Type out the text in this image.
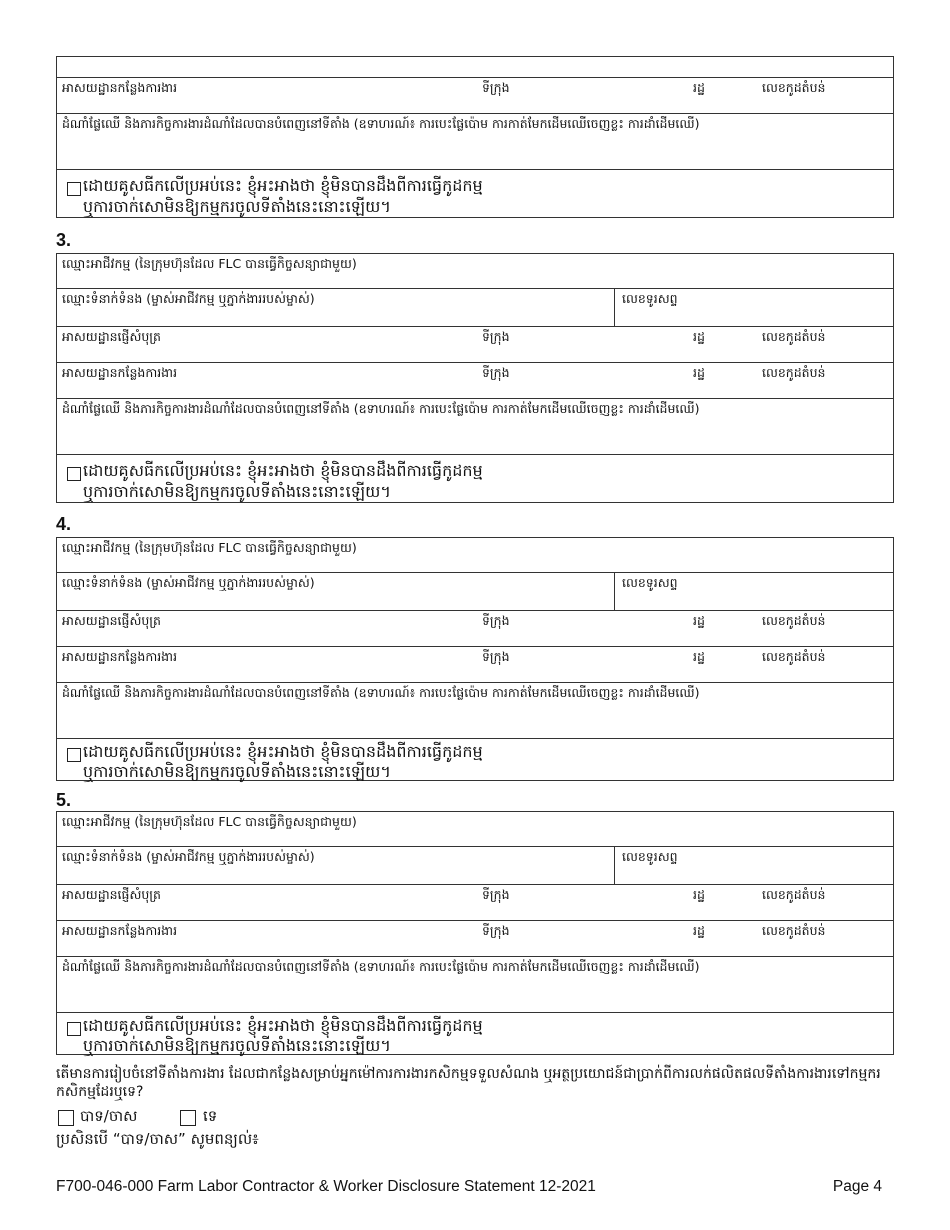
អាសយដ្ឋានកន្លែងការងារ	ទីក្រុង	រដ្ឋ	លេខកូដតំបន់
ដំណាំផ្លែឈើ និងភារកិច្ចការងារដំណាំដែលបានបំពេញនៅទីតាំង (ឧទាហរណ៍៖ ការបេះផ្លែប៉ោម ការកាត់មែកដើមឈើចេញខ្លះ ការដាំដើមឈើ)
ដោយគូសធីកលើប្រអប់នេះ ខ្ញុំអះអាងថា ខ្ញុំមិនបានដឹងពីការធ្វើកូដកម្ម
ឬការចាក់សោមិនឱ្យកម្មករចូលទីតាំងនេះនោះឡើយ។
3.
ឈ្មោះអាជីវកម្ម (នៃក្រុមហ៊ុនដែល FLC បានធ្វើកិច្ចសន្យាជាមួយ)
ឈ្មោះទំនាក់ទំនង (ម្ចាស់អាជីវកម្ម ឬភ្នាក់ងាររបស់ម្ចាស់)	លេខទូរសព្ទ
អាសយដ្ឋានផ្ញើសំបុត្រ	ទីក្រុង	រដ្ឋ	លេខកូដតំបន់
អាសយដ្ឋានកន្លែងការងារ	ទីក្រុង	រដ្ឋ	លេខកូដតំបន់
ដំណាំផ្លែឈើ និងភារកិច្ចការងារដំណាំដែលបានបំពេញនៅទីតាំង (ឧទាហរណ៍៖ ការបេះផ្លែប៉ោម ការកាត់មែកដើមឈើចេញខ្លះ ការដាំដើមឈើ)
ដោយគូសធីកលើប្រអប់នេះ ខ្ញុំអះអាងថា ខ្ញុំមិនបានដឹងពីការធ្វើកូដកម្ម
ឬការចាក់សោមិនឱ្យកម្មករចូលទីតាំងនេះនោះឡើយ។
4.
ឈ្មោះអាជីវកម្ម (នៃក្រុមហ៊ុនដែល FLC បានធ្វើកិច្ចសន្យាជាមួយ)
ឈ្មោះទំនាក់ទំនង (ម្ចាស់អាជីវកម្ម ឬភ្នាក់ងាររបស់ម្ចាស់)	លេខទូរសព្ទ
អាសយដ្ឋានផ្ញើសំបុត្រ	ទីក្រុង	រដ្ឋ	លេខកូដតំបន់
អាសយដ្ឋានកន្លែងការងារ	ទីក្រុង	រដ្ឋ	លេខកូដតំបន់
ដំណាំផ្លែឈើ និងភារកិច្ចការងារដំណាំដែលបានបំពេញនៅទីតាំង (ឧទាហរណ៍៖ ការបេះផ្លែប៉ោម ការកាត់មែកដើមឈើចេញខ្លះ ការដាំដើមឈើ)
ដោយគូសធីកលើប្រអប់នេះ ខ្ញុំអះអាងថា ខ្ញុំមិនបានដឹងពីការធ្វើកូដកម្ម
ឬការចាក់សោមិនឱ្យកម្មករចូលទីតាំងនេះនោះឡើយ។
5.
ឈ្មោះអាជីវកម្ម (នៃក្រុមហ៊ុនដែល FLC បានធ្វើកិច្ចសន្យាជាមួយ)
ឈ្មោះទំនាក់ទំនង (ម្ចាស់អាជីវកម្ម ឬភ្នាក់ងាររបស់ម្ចាស់)	លេខទូរសព្ទ
អាសយដ្ឋានផ្ញើសំបុត្រ	ទីក្រុង	រដ្ឋ	លេខកូដតំបន់
អាសយដ្ឋានកន្លែងការងារ	ទីក្រុង	រដ្ឋ	លេខកូដតំបន់
ដំណាំផ្លែឈើ និងភារកិច្ចការងារដំណាំដែលបានបំពេញនៅទីតាំង (ឧទាហរណ៍៖ ការបេះផ្លែប៉ោម ការកាត់មែកដើមឈើចេញខ្លះ ការដាំដើមឈើ)
ដោយគូសធីកលើប្រអប់នេះ ខ្ញុំអះអាងថា ខ្ញុំមិនបានដឹងពីការធ្វើកូដកម្ម
ឬការចាក់សោមិនឱ្យកម្មករចូលទីតាំងនេះនោះឡើយ។
តើមានការរៀបចំនៅទីតាំងការងារ ដែលជាកន្លែងសម្រាប់អ្នកម៉ៅការការងារកសិកម្មទទួលសំណង ឬអត្ថប្រយោជន៍ជាប្រាក់ពីការលក់ផលិតផលទីតាំងការងារទៅកម្មករកសិកម្មដែរឬទេ?
បាទ/ចាស	ទេ
ប្រសិនបើ “បាទ/ចាស” សូមពន្យល់៖
F700-046-000 Farm Labor Contractor & Worker Disclosure Statement 12-2021	Page 4
